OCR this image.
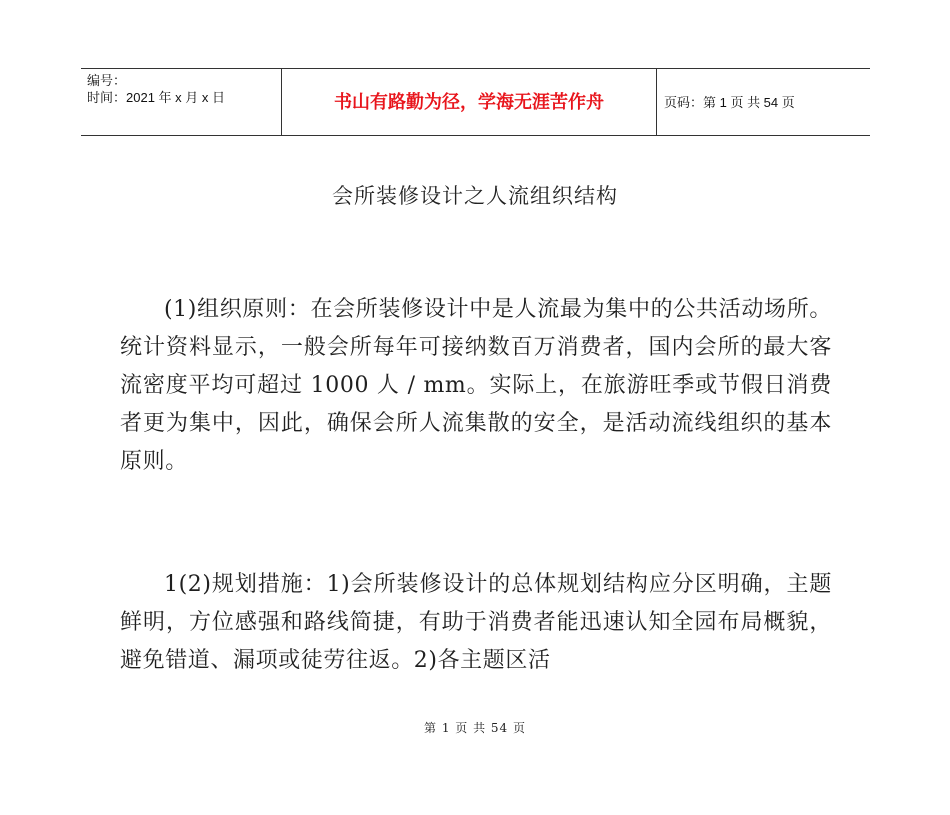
编号：
时间：2021 年 x 月 x 日	书山有路勤为径，学海无涯苦作舟	页码：第 1 页 共 54 页
会所装修设计之人流组织结构
(1)组织原则：在会所装修设计中是人流最为集中的公共活动场所。统计资料显示，一般会所每年可接纳数百万消费者，国内会所的最大客流密度平均可超过 1000 人 / mm。实际上，在旅游旺季或节假日消费者更为集中，因此，确保会所人流集散的安全，是活动流线组织的基本原则。
1(2)规划措施：1)会所装修设计的总体规划结构应分区明确，主题鲜明，方位感强和路线简捷，有助于消费者能迅速认知全园布局概貌，避免错道、漏项或徒劳往返。2)各主题区活
第 1 页 共 54 页
